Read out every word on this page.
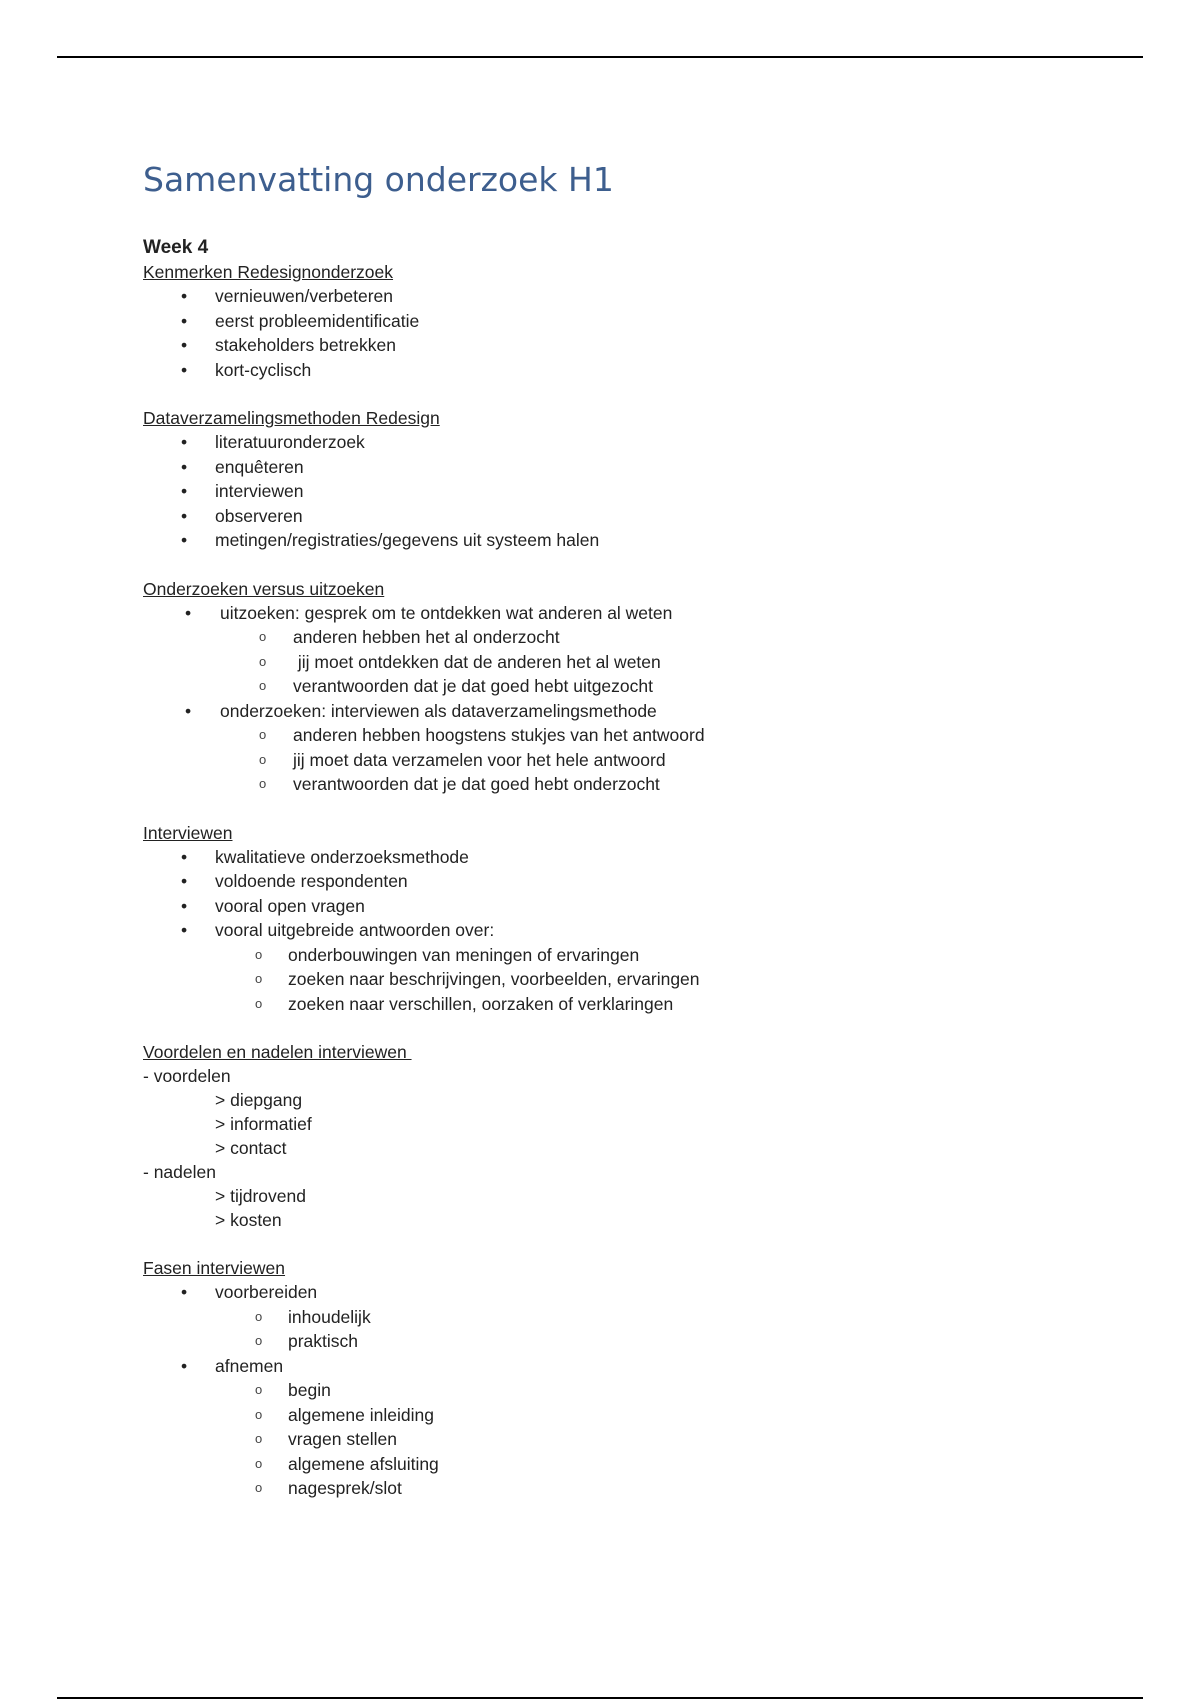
Samenvatting onderzoek H1
Week 4
Kenmerken Redesignonderzoek
• vernieuwen/verbeteren
• eerst probleemidentificatie
• stakeholders betrekken
• kort-cyclisch
Dataverzamelingsmethoden Redesign
• literatuuronderzoek
• enquêteren
• interviewen
• observeren
• metingen/registraties/gegevens uit systeem halen
Onderzoeken versus uitzoeken
• uitzoeken: gesprek om te ontdekken wat anderen al weten
o anderen hebben het al onderzocht
o jij moet ontdekken dat de anderen het al weten
o verantwoorden dat je dat goed hebt uitgezocht
• onderzoeken: interviewen als dataverzamelingsmethode
o anderen hebben hoogstens stukjes van het antwoord
o jij moet data verzamelen voor het hele antwoord
o verantwoorden dat je dat goed hebt onderzocht
Interviewen
• kwalitatieve onderzoeksmethode
• voldoende respondenten
• vooral open vragen
• vooral uitgebreide antwoorden over:
o onderbouwingen van meningen of ervaringen
o zoeken naar beschrijvingen, voorbeelden, ervaringen
o zoeken naar verschillen, oorzaken of verklaringen
Voordelen en nadelen interviewen
- voordelen
> diepgang
> informatief
> contact
- nadelen
> tijdrovend
> kosten
Fasen interviewen
• voorbereiden
o inhoudelijk
o praktisch
• afnemen
o begin
o algemene inleiding
o vragen stellen
o algemene afsluiting
o nagesprek/slot
